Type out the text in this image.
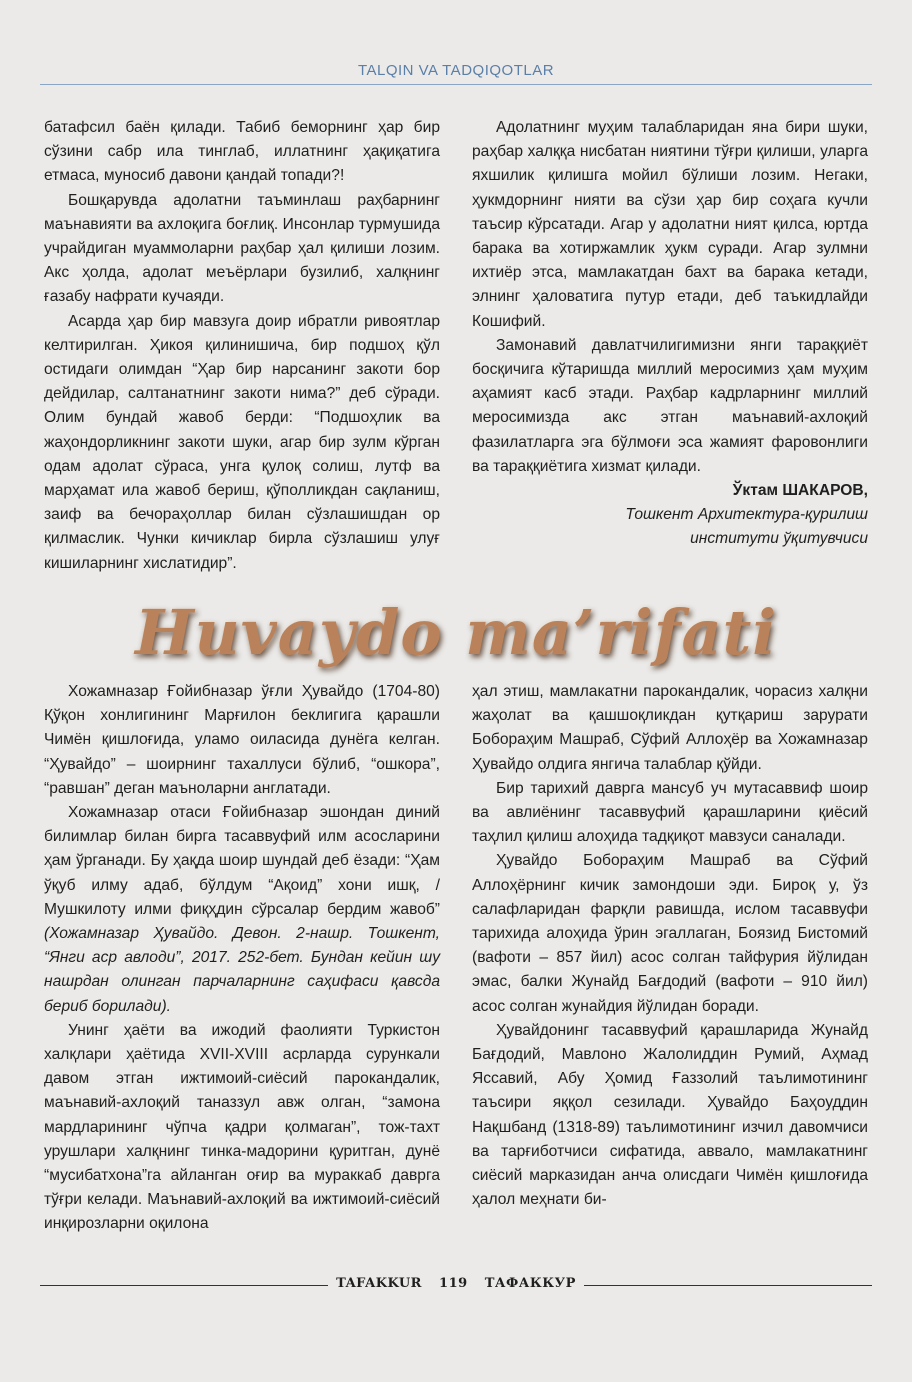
TALQIN VA TADQIQOTLAR

батафсил баён қилади. Табиб беморнинг ҳар бир сўзини сабр ила тинглаб, иллатнинг ҳақиқатига етмаса, муносиб давони қандай топади?!

Бошқарувда адолатни таъминлаш раҳбарнинг маънавияти ва ахлоқига боғлиқ. Инсонлар турмушида учрайдиган муаммоларни раҳбар ҳал қилиши лозим. Акс ҳолда, адолат меъёрлари бузилиб, халқнинг ғазабу нафрати кучаяди.

Асарда ҳар бир мавзуга доир ибратли ривоятлар келтирилган. Ҳикоя қилинишича, бир подшоҳ қўл остидаги олимдан “Ҳар бир нарсанинг закоти бор дейдилар, салтанатнинг закоти нима?” деб сўради. Олим бундай жавоб берди: “Подшоҳлик ва жаҳондорликнинг закоти шуки, агар бир зулм кўрган одам адолат сўраса, унга қулоқ солиш, лутф ва марҳамат ила жавоб бериш, қўполликдан сақланиш, заиф ва бечораҳоллар билан сўзлашишдан ор қилмаслик. Чунки кичиклар бирла сўзлашиш улуғ кишиларнинг хислатидир”.

Адолатнинг муҳим талабларидан яна бири шуки, раҳбар халққа нисбатан ниятини тўғри қилиши, уларга яхшилик қилишга мойил бўлиши лозим. Негаки, ҳукмдорнинг нияти ва сўзи ҳар бир соҳага кучли таъсир кўрсатади. Агар у адолатни ният қилса, юртда барака ва хотиржамлик ҳукм суради. Агар зулмни ихтиёр этса, мамлакатдан бахт ва барака кетади, элнинг ҳаловатига путур етади, деб таъкидлайди Кошифий.

Замонавий давлатчилигимизни янги тараққиёт босқичига кўтаришда миллий меросимиз ҳам муҳим аҳамият касб этади. Раҳбар кадрларнинг миллий меросимизда акс этган маънавий-ахлоқий фазилатларга эга бўлмоғи эса жамият фаровонлиги ва тараққиётига хизмат қилади.

Ўктам ШАКАРОВ,
Тошкент Архитектура-қурилиш
институти ўқитувчиси
Huvaydo ma’rifati

Хожамназар Ғойибназар ўғли Ҳувайдо (1704-80) Қўқон хонлигининг Марғилон беклигига қарашли Чимён қишлоғида, уламо оиласида дунёга келган. “Ҳувайдо” – шоирнинг тахаллуси бўлиб, “ошкора”, “равшан” деган маъноларни англатади.

Хожамназар отаси Ғойибназар эшондан диний билимлар билан бирга тасаввуфий илм асосларини ҳам ўрганади. Бу ҳақда шоир шундай деб ёзади: “Ҳам ўқуб илму адаб, бўлдум “Ақоид” хони ишқ, / Мушкилоту илми фиқҳдин сўрсалар бердим жавоб” (Хожамназар Ҳувайдо. Девон. 2-нашр. Тошкент, “Янги аср авлоди”, 2017. 252-бет. Бундан кейин шу нашрдан олинган парчаларнинг саҳифаси қавсда бериб борилади).

Унинг ҳаёти ва ижодий фаолияти Туркистон халқлари ҳаётида XVII-XVIII асрларда сурункали давом этган ижтимоий-сиёсий парокандалик, маънавий-ахлоқий таназзул авж олган, “замона мардларининг чўпча қадри қолмаган”, тож-тахт урушлари халқнинг тинка-мадорини қуритган, дунё “мусибатхона”га айланган оғир ва мураккаб даврга тўғри келади. Маънавий-ахлоқий ва ижтимоий-сиёсий инқирозларни оқилона

ҳал этиш, мамлакатни парокандалик, чорасиз халқни жаҳолат ва қашшоқликдан қутқариш зарурати Боборaҳим Машраб, Сўфий Аллоҳёр ва Хожамназар Ҳувайдо олдига янгича талаблар қўйди.

Бир тарихий даврга мансуб уч мутасаввиф шоир ва авлиёнинг тасаввуфий қарашларини қиёсий таҳлил қилиш алоҳида тадқиқот мавзуси саналади.

Ҳувайдо Бобораҳим Машраб ва Сўфий Аллоҳёрнинг кичик замондоши эди. Бироқ у, ўз салафларидан фарқли равишда, ислом тасаввуфи тарихида алоҳида ўрин эгаллаган, Боязид Бистомий (вафоти – 857 йил) асос солган тайфурия йўлидан эмас, балки Жунайд Бағдодий (вафоти – 910 йил) асос солган жунайдия йўлидан боради.

Ҳувайдонинг тасаввуфий қарашларида Жунайд Бағдодий, Мавлоно Жалолиддин Румий, Аҳмад Яссавий, Абу Ҳомид Ғаззолий таълимотининг таъсири яққол сезилади. Ҳувайдо Баҳоуддин Нақшбанд (1318-89) таълимотининг изчил давомчиси ва тарғиботчиси сифатида, аввало, мамлакатнинг сиёсий марказидан анча олисдаги Чимён қишлоғида ҳалол меҳнати би-

TAFAKKUR 119 ТАФАККУР
